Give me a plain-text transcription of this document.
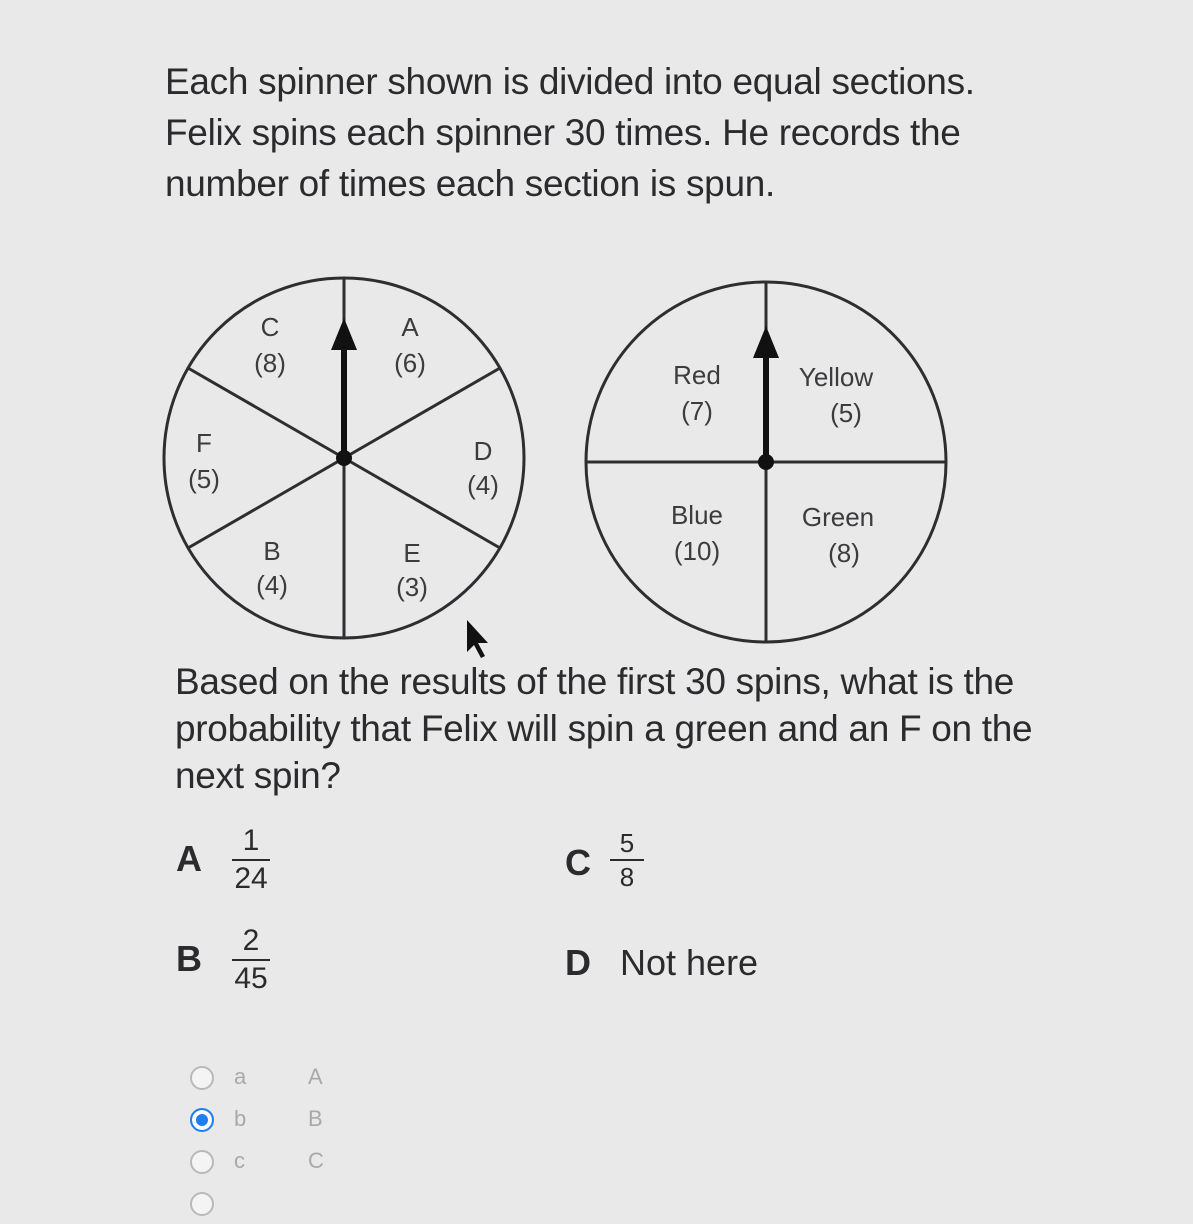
Each spinner shown is divided into equal sections. Felix spins each spinner 30 times. He records the number of times each section is spun.
C
(8)
A
(6)
F
(5)
D
(4)
B
(4)
E
(3)
Red
(7)
Yellow
(5)
Blue
(10)
Green
(8)
Based on the results of the first 30 spins, what is the probability that Felix will spin a green and an F on the next spin?
A	1
24
B	2
45
C	5
8
D Not here
a	A
b	B
c	C
